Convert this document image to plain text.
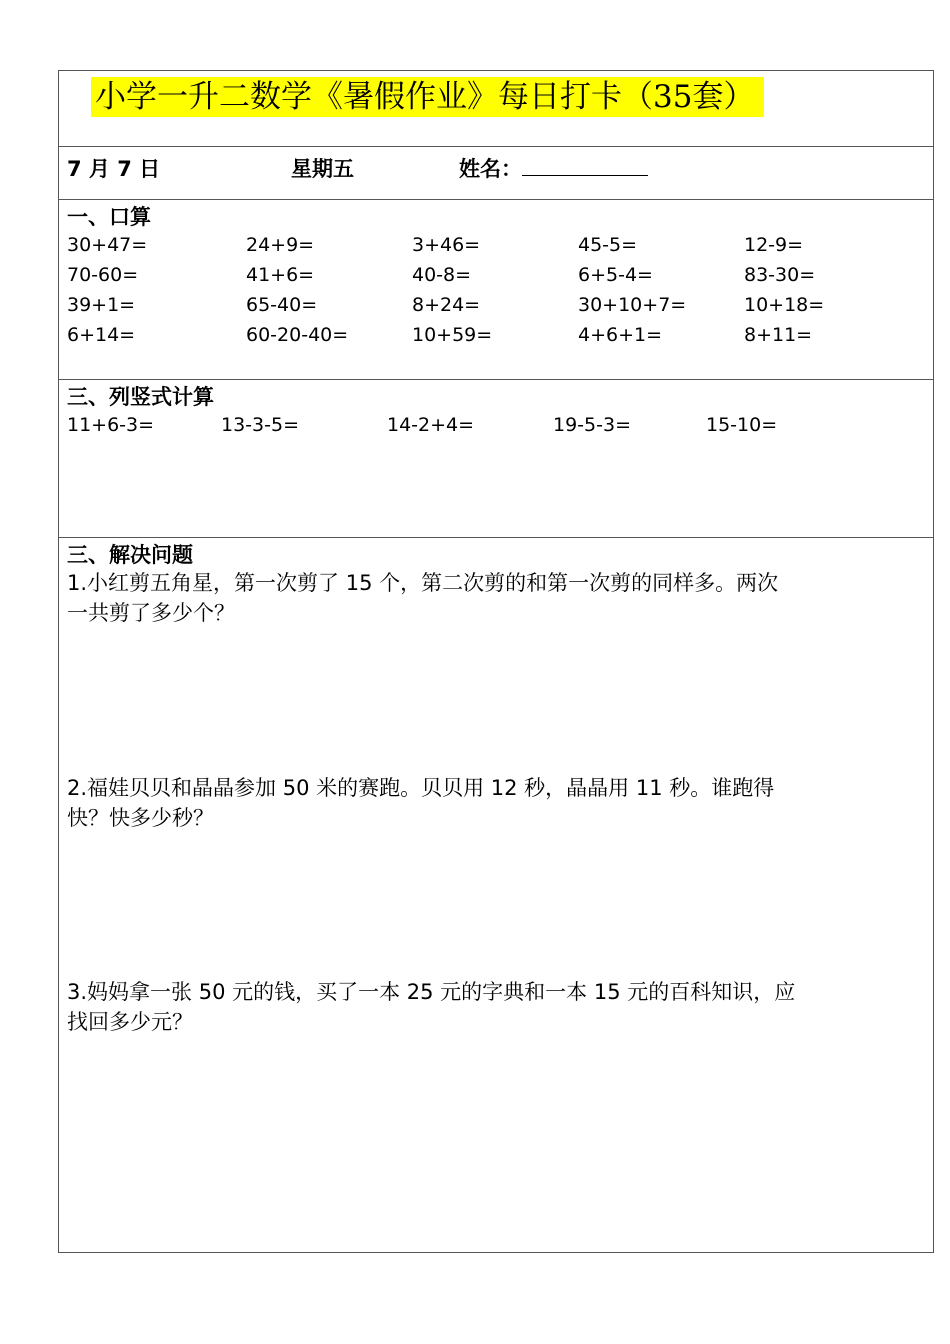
小学一升二数学《暑假作业》每日打卡（35套）
7 月 7 日	星期五	姓名：
一、口算
30+47=	24+9=	3+46=	45-5=	12-9=
70-60=	41+6=	40-8=	6+5-4=	83-30=
39+1=	65-40=	8+24=	30+10+7=	10+18=
6+14=	60-20-40=	10+59=	4+6+1=	8+11=
三、列竖式计算
11+6-3=	13-3-5=	14-2+4=	19-5-3=	15-10=
三、解决问题
1.小红剪五角星，第一次剪了 15 个，第二次剪的和第一次剪的同样多。两次
一共剪了多少个？
2.福娃贝贝和晶晶参加 50 米的赛跑。贝贝用 12 秒，晶晶用 11 秒。谁跑得
快？快多少秒？
3.妈妈拿一张 50 元的钱，买了一本 25 元的字典和一本 15 元的百科知识，应
找回多少元？
